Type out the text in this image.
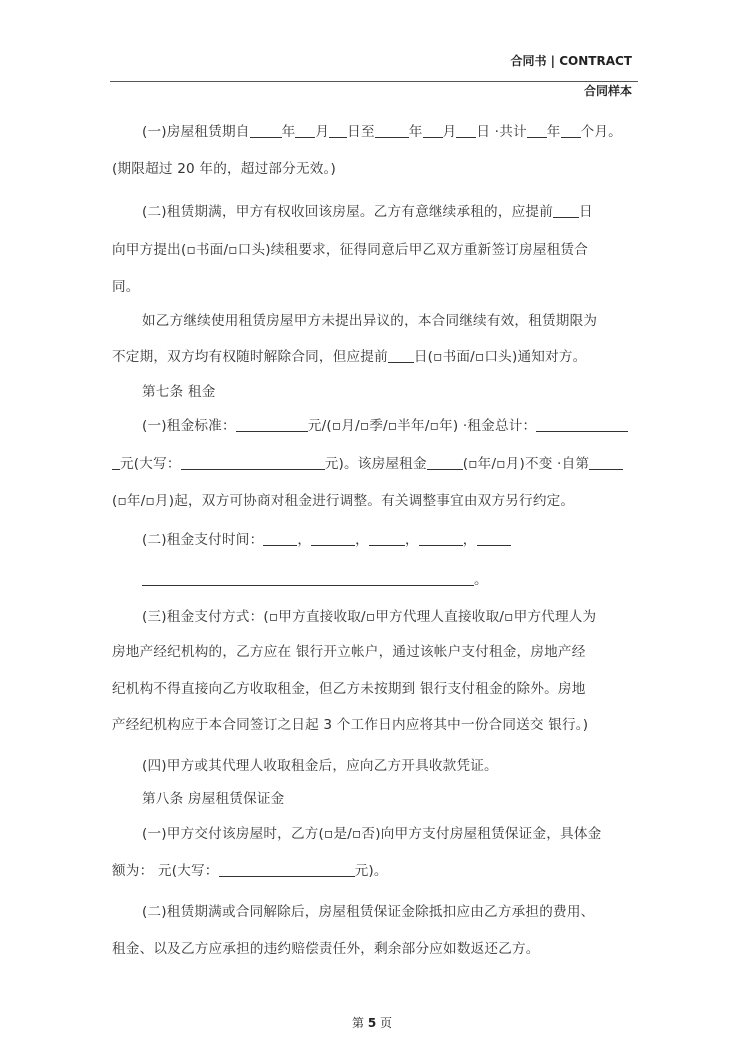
合同书 | CONTRACT
合同样本
(一)房屋租赁期自 年 月 日至	年 月 日 ·共计 年 个月。
(期限超过 20 年的，超过部分无效。)
(二)租赁期满，甲方有权收回该房屋。乙方有意继续承租的，应提前 日
向甲方提出(▫书面/▫口头)续租要求，征得同意后甲乙双方重新签订房屋租赁合
同。
如乙方继续使用租赁房屋甲方未提出异议的，本合同继续有效，租赁期限为
不定期，双方均有权随时解除合同，但应提前 日(▫书面/▫口头)通知对方。
第七条 租金
(一)租金标准：	元/(▫月/▫季/▫半年/▫年) ·租金总计：
元(大写：	元)。该房屋租金	(▫年/▫月)不变 ·自第
(▫年/▫月)起，双方可协商对租金进行调整。有关调整事宜由双方另行约定。
(二)租金支付时间：	，	，	，	，
。
(三)租金支付方式：(▫甲方直接收取/▫甲方代理人直接收取/▫甲方代理人为
房地产经纪机构的，乙方应在 银行开立帐户，通过该帐户支付租金，房地产经
纪机构不得直接向乙方收取租金，但乙方未按期到 银行支付租金的除外。房地
产经纪机构应于本合同签订之日起 3 个工作日内应将其中一份合同送交 银行。)
(四)甲方或其代理人收取租金后，应向乙方开具收款凭证。
第八条 房屋租赁保证金
(一)甲方交付该房屋时，乙方(▫是/▫否)向甲方支付房屋租赁保证金，具体金
额为： 元(大写：	元)。
(二)租赁期满或合同解除后，房屋租赁保证金除抵扣应由乙方承担的费用、
租金、以及乙方应承担的违约赔偿责任外，剩余部分应如数返还乙方。
第 5 页
